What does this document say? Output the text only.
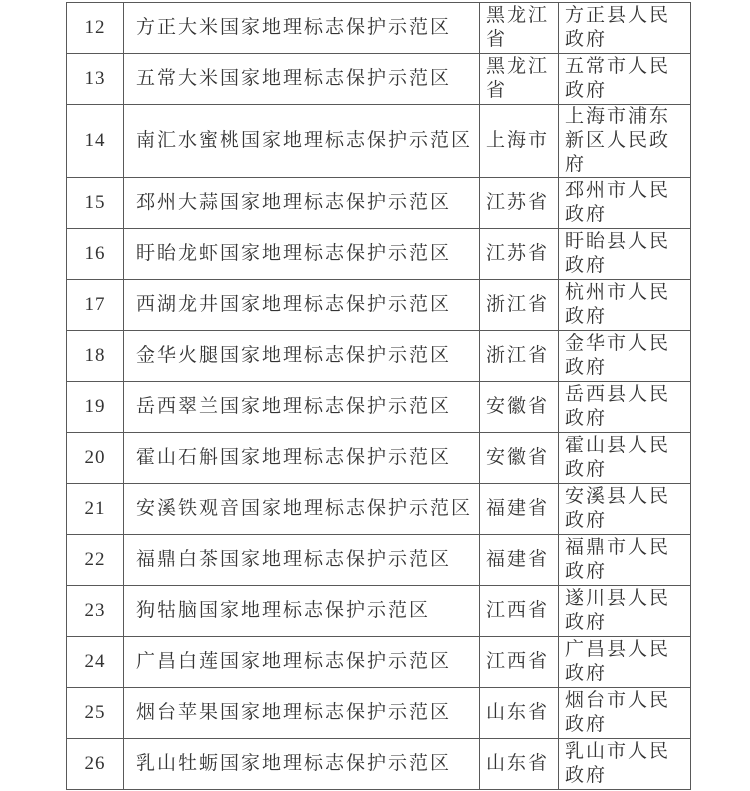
12	方正大米国家地理标志保护示范区	黑龙江省	方正县人民政府
13	五常大米国家地理标志保护示范区	黑龙江省	五常市人民政府
14	南汇水蜜桃国家地理标志保护示范区	上海市	上海市浦东新区人民政府
15	邳州大蒜国家地理标志保护示范区	江苏省	邳州市人民政府
16	盱眙龙虾国家地理标志保护示范区	江苏省	盱眙县人民政府
17	西湖龙井国家地理标志保护示范区	浙江省	杭州市人民政府
18	金华火腿国家地理标志保护示范区	浙江省	金华市人民政府
19	岳西翠兰国家地理标志保护示范区	安徽省	岳西县人民政府
20	霍山石斛国家地理标志保护示范区	安徽省	霍山县人民政府
21	安溪铁观音国家地理标志保护示范区	福建省	安溪县人民政府
22	福鼎白茶国家地理标志保护示范区	福建省	福鼎市人民政府
23	狗牯脑国家地理标志保护示范区	江西省	遂川县人民政府
24	广昌白莲国家地理标志保护示范区	江西省	广昌县人民政府
25	烟台苹果国家地理标志保护示范区	山东省	烟台市人民政府
26	乳山牡蛎国家地理标志保护示范区	山东省	乳山市人民政府
